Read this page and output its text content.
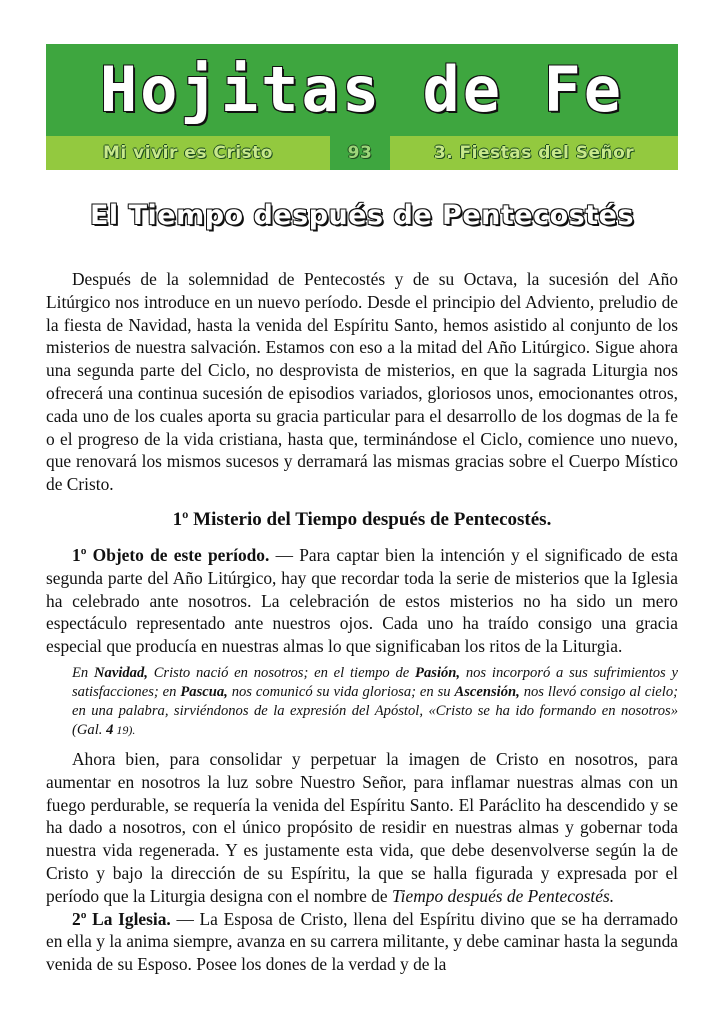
Hojitas de Fe
Mi vivir es Cristo	93	3. Fiestas del Señor
El Tiempo después de Pentecostés

Después de la solemnidad de Pentecostés y de su Octava, la sucesión del Año Litúrgico nos introduce en un nuevo período. Desde el principio del Adviento, preludio de la fiesta de Navidad, hasta la venida del Espíritu Santo, hemos asistido al conjunto de los misterios de nuestra salvación. Estamos con eso a la mitad del Año Litúrgico. Sigue ahora una segunda parte del Ciclo, no desprovista de misterios, en que la sagrada Liturgia nos ofrecerá una continua sucesión de episodios variados, gloriosos unos, emocionantes otros, cada uno de los cuales aporta su gracia particular para el desarrollo de los dogmas de la fe o el progreso de la vida cristiana, hasta que, terminándose el Ciclo, comience uno nuevo, que renovará los mismos sucesos y derramará las mismas gracias sobre el Cuerpo Místico de Cristo.

1º Misterio del Tiempo después de Pentecostés.

1º Objeto de este período. — Para captar bien la intención y el significado de esta segunda parte del Año Litúrgico, hay que recordar toda la serie de misterios que la Iglesia ha celebrado ante nosotros. La celebración de estos misterios no ha sido un mero espectáculo representado ante nuestros ojos. Cada uno ha traído consigo una gracia especial que producía en nuestras almas lo que significaban los ritos de la Liturgia.

En Navidad, Cristo nació en nosotros; en el tiempo de Pasión, nos incorporó a sus sufrimientos y satisfacciones; en Pascua, nos comunicó su vida gloriosa; en su Ascensión, nos llevó consigo al cielo; en una palabra, sirviéndonos de la expresión del Apóstol, «Cristo se ha ido formando en nosotros» (Gal. 4 19).

Ahora bien, para consolidar y perpetuar la imagen de Cristo en nosotros, para aumentar en nosotros la luz sobre Nuestro Señor, para inflamar nuestras almas con un fuego perdurable, se requería la venida del Espíritu Santo. El Paráclito ha descendido y se ha dado a nosotros, con el único propósito de residir en nuestras almas y gobernar toda nuestra vida regenerada. Y es justamente esta vida, que debe desenvolverse según la de Cristo y bajo la dirección de su Espíritu, la que se halla figurada y expresada por el período que la Liturgia designa con el nombre de Tiempo después de Pentecostés.

2º La Iglesia. — La Esposa de Cristo, llena del Espíritu divino que se ha derramado en ella y la anima siempre, avanza en su carrera militante, y debe caminar hasta la segunda venida de su Esposo. Posee los dones de la verdad y de la
